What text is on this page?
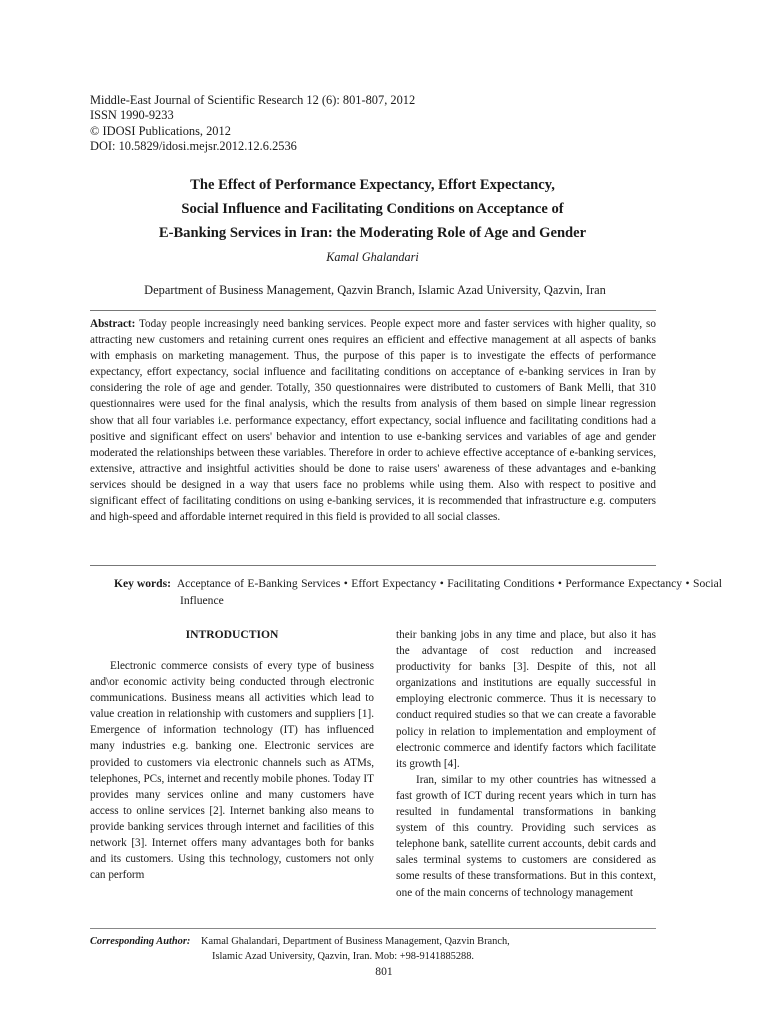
Middle-East Journal of Scientific Research 12 (6): 801-807, 2012
ISSN 1990-9233
© IDOSI Publications, 2012
DOI: 10.5829/idosi.mejsr.2012.12.6.2536
The Effect of Performance Expectancy, Effort Expectancy,
Social Influence and Facilitating Conditions on Acceptance of
E-Banking Services in Iran: the Moderating Role of Age and Gender
Kamal Ghalandari
Department of Business Management, Qazvin Branch, Islamic Azad University, Qazvin, Iran
Abstract: Today people increasingly need banking services. People expect more and faster services with higher quality, so attracting new customers and retaining current ones requires an efficient and effective management at all aspects of banks with emphasis on marketing management. Thus, the purpose of this paper is to investigate the effects of performance expectancy, effort expectancy, social influence and facilitating conditions on acceptance of e-banking services in Iran by considering the role of age and gender. Totally, 350 questionnaires were distributed to customers of Bank Melli, that 310 questionnaires were used for the final analysis, which the results from analysis of them based on simple linear regression show that all four variables i.e. performance expectancy, effort expectancy, social influence and facilitating conditions had a positive and significant effect on users' behavior and intention to use e-banking services and variables of age and gender moderated the relationships between these variables. Therefore in order to achieve effective acceptance of e-banking services, extensive, attractive and insightful activities should be done to raise users' awareness of these advantages and e-banking services should be designed in a way that users face no problems while using them. Also with respect to positive and significant effect of facilitating conditions on using e-banking services, it is recommended that infrastructure e.g. computers and high-speed and affordable internet required in this field is provided to all social classes.
Key words: Acceptance of E-Banking Services • Effort Expectancy • Facilitating Conditions • Performance Expectancy • Social Influence
INTRODUCTION

Electronic commerce consists of every type of business and\or economic activity being conducted through electronic communications. Business means all activities which lead to value creation in relationship with customers and suppliers [1]. Emergence of information technology (IT) has influenced many industries e.g. banking one. Electronic services are provided to customers via electronic channels such as ATMs, telephones, PCs, internet and recently mobile phones. Today IT provides many services online and many customers have access to online services [2]. Internet banking also means to provide banking services through internet and facilities of this network [3]. Internet offers many advantages both for banks and its customers. Using this technology, customers not only can perform

their banking jobs in any time and place, but also it has the advantage of cost reduction and increased productivity for banks [3]. Despite of this, not all organizations and institutions are equally successful in employing electronic commerce. Thus it is necessary to conduct required studies so that we can create a favorable policy in relation to implementation and employment of electronic commerce and identify factors which facilitate its growth [4].

Iran, similar to my other countries has witnessed a fast growth of ICT during recent years which in turn has resulted in fundamental transformations in banking system of this country. Providing such services as telephone bank, satellite current accounts, debit cards and sales terminal systems to customers are considered as some results of these transformations. But in this context, one of the main concerns of technology management

Corresponding Author: Kamal Ghalandari, Department of Business Management, Qazvin Branch,
Islamic Azad University, Qazvin, Iran. Mob: +98-9141885288.
801
